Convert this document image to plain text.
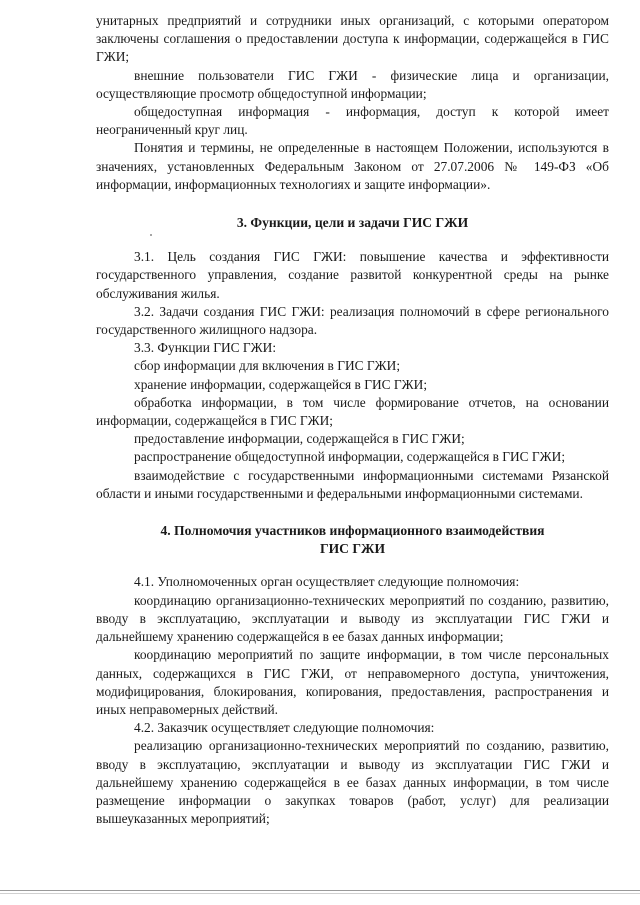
унитарных предприятий и сотрудники иных организаций, с которыми оператором заключены соглашения о предоставлении доступа к информации, содержащейся в ГИС ГЖИ;

внешние пользователи ГИС ГЖИ - физические лица и организации, осуществляющие просмотр общедоступной информации;

общедоступная информация - информация, доступ к которой имеет неограниченный круг лиц.

Понятия и термины, не определенные в настоящем Положении, используются в значениях, установленных Федеральным Законом от 27.07.2006 № 149-ФЗ «Об информации, информационных технологиях и защите информации».

3. Функции, цели и задачи ГИС ГЖИ

3.1. Цель создания ГИС ГЖИ: повышение качества и эффективности государственного управления, создание развитой конкурентной среды на рынке обслуживания жилья.

3.2. Задачи создания ГИС ГЖИ: реализация полномочий в сфере регионального государственного жилищного надзора.

3.3. Функции ГИС ГЖИ:

сбор информации для включения в ГИС ГЖИ;

хранение информации, содержащейся в ГИС ГЖИ;

обработка информации, в том числе формирование отчетов, на основании информации, содержащейся в ГИС ГЖИ;

предоставление информации, содержащейся в ГИС ГЖИ;

распространение общедоступной информации, содержащейся в ГИС ГЖИ;

взаимодействие с государственными информационными системами Рязанской области и иными государственными и федеральными информационными системами.

4. Полномочия участников информационного взаимодействия

ГИС ГЖИ

4.1. Уполномоченных орган осуществляет следующие полномочия:

координацию организационно-технических мероприятий по созданию, развитию, вводу в эксплуатацию, эксплуатации и выводу из эксплуатации ГИС ГЖИ и дальнейшему хранению содержащейся в ее базах данных информации;

координацию мероприятий по защите информации, в том числе персональных данных, содержащихся в ГИС ГЖИ, от неправомерного доступа, уничтожения, модифицирования, блокирования, копирования, предоставления, распространения и иных неправомерных действий.

4.2. Заказчик осуществляет следующие полномочия:

реализацию организационно-технических мероприятий по созданию, развитию, вводу в эксплуатацию, эксплуатации и выводу из эксплуатации ГИС ГЖИ и дальнейшему хранению содержащейся в ее базах данных информации, в том числе размещение информации о закупках товаров (работ, услуг) для реализации вышеуказанных мероприятий;
